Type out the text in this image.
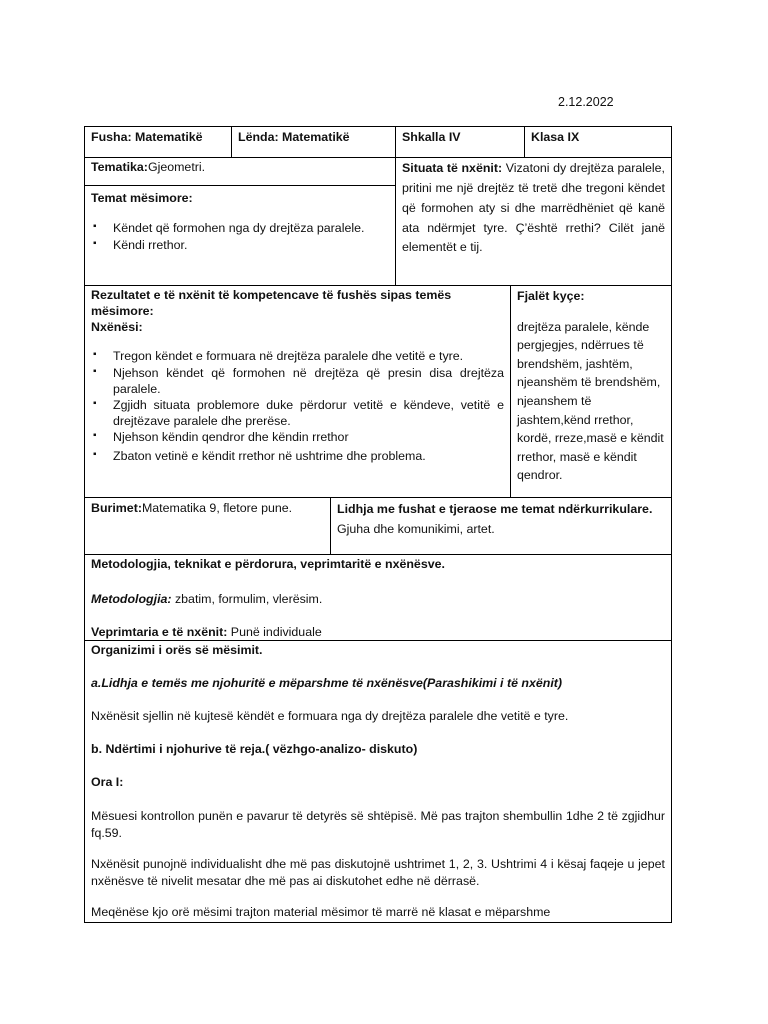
2.12.2022
Fusha: Matematikë	Lënda: Matematikë	Shkalla IV	Klasa IX
Tematika:Gjeometri.	Situata të nxënit: Vizatoni dy drejtëza paralele, pritini me një drejtëz të tretë dhe tregoni këndet që formohen aty si dhe marrëdhëniet që kanë ata ndërmjet tyre. Ç’është rrethi? Cilët janë elementët e tij.

Temat mësimore:

▪ Këndet që formohen nga dy drejtëza paralele.
▪ Këndi rrethor.

Rezultatet e të nxënit të kompetencave të fushës sipas temës mësimore:

Nxënësi:

▪ Tregon këndet e formuara në drejtëza paralele dhe vetitë e tyre.
▪ Njehson këndet që formohen në drejtëza që presin disa drejtëza paralele.
▪ Zgjidh situata problemore duke përdorur vetitë e këndeve, vetitë e drejtëzave paralele dhe prerëse.
▪ Njehson këndin qendror dhe këndin rrethor
▪ Zbaton vetinë e këndit rrethor në ushtrime dhe problema.

Fjalët kyçe:

drejtëza paralele, kënde pergjegjes, ndërrues të brendshëm, jashtëm, njeanshëm të brendshëm, njeanshem të jashtem,kënd rrethor, kordë, rreze,masë e këndit rrethor, masë e këndit qendror.

Burimet:Matematika 9, fletore pune.	Lidhja me fushat e tjeraose me temat ndërkurrikulare. Gjuha dhe komunikimi, artet.

Metodologjia, teknikat e përdorura, veprimtaritë e nxënësve.

Metodologjia: zbatim, formulim, vlerësim.

Veprimtaria e të nxënit: Punë individuale

Organizimi i orës së mësimit.

a.Lidhja e temës me njohuritë e mëparshme të nxënësve(Parashikimi i të nxënit)

Nxënësit sjellin në kujtesë këndët e formuara nga dy drejtëza paralele dhe vetitë e tyre.

b. Ndërtimi i njohurive të reja.( vëzhgo-analizo- diskuto)

Ora I:

Mësuesi kontrollon punën e pavarur të detyrës së shtëpisë. Më pas trajton shembullin 1dhe 2 të zgjidhur fq.59.

Nxënësit punojnë individualisht dhe më pas diskutojnë ushtrimet 1, 2, 3. Ushtrimi 4 i kësaj faqeje u jepet nxënësve të nivelit mesatar dhe më pas ai diskutohet edhe në dërrasë.

Meqënëse kjo orë mësimi trajton material mësimor të marrë në klasat e mëparshme
